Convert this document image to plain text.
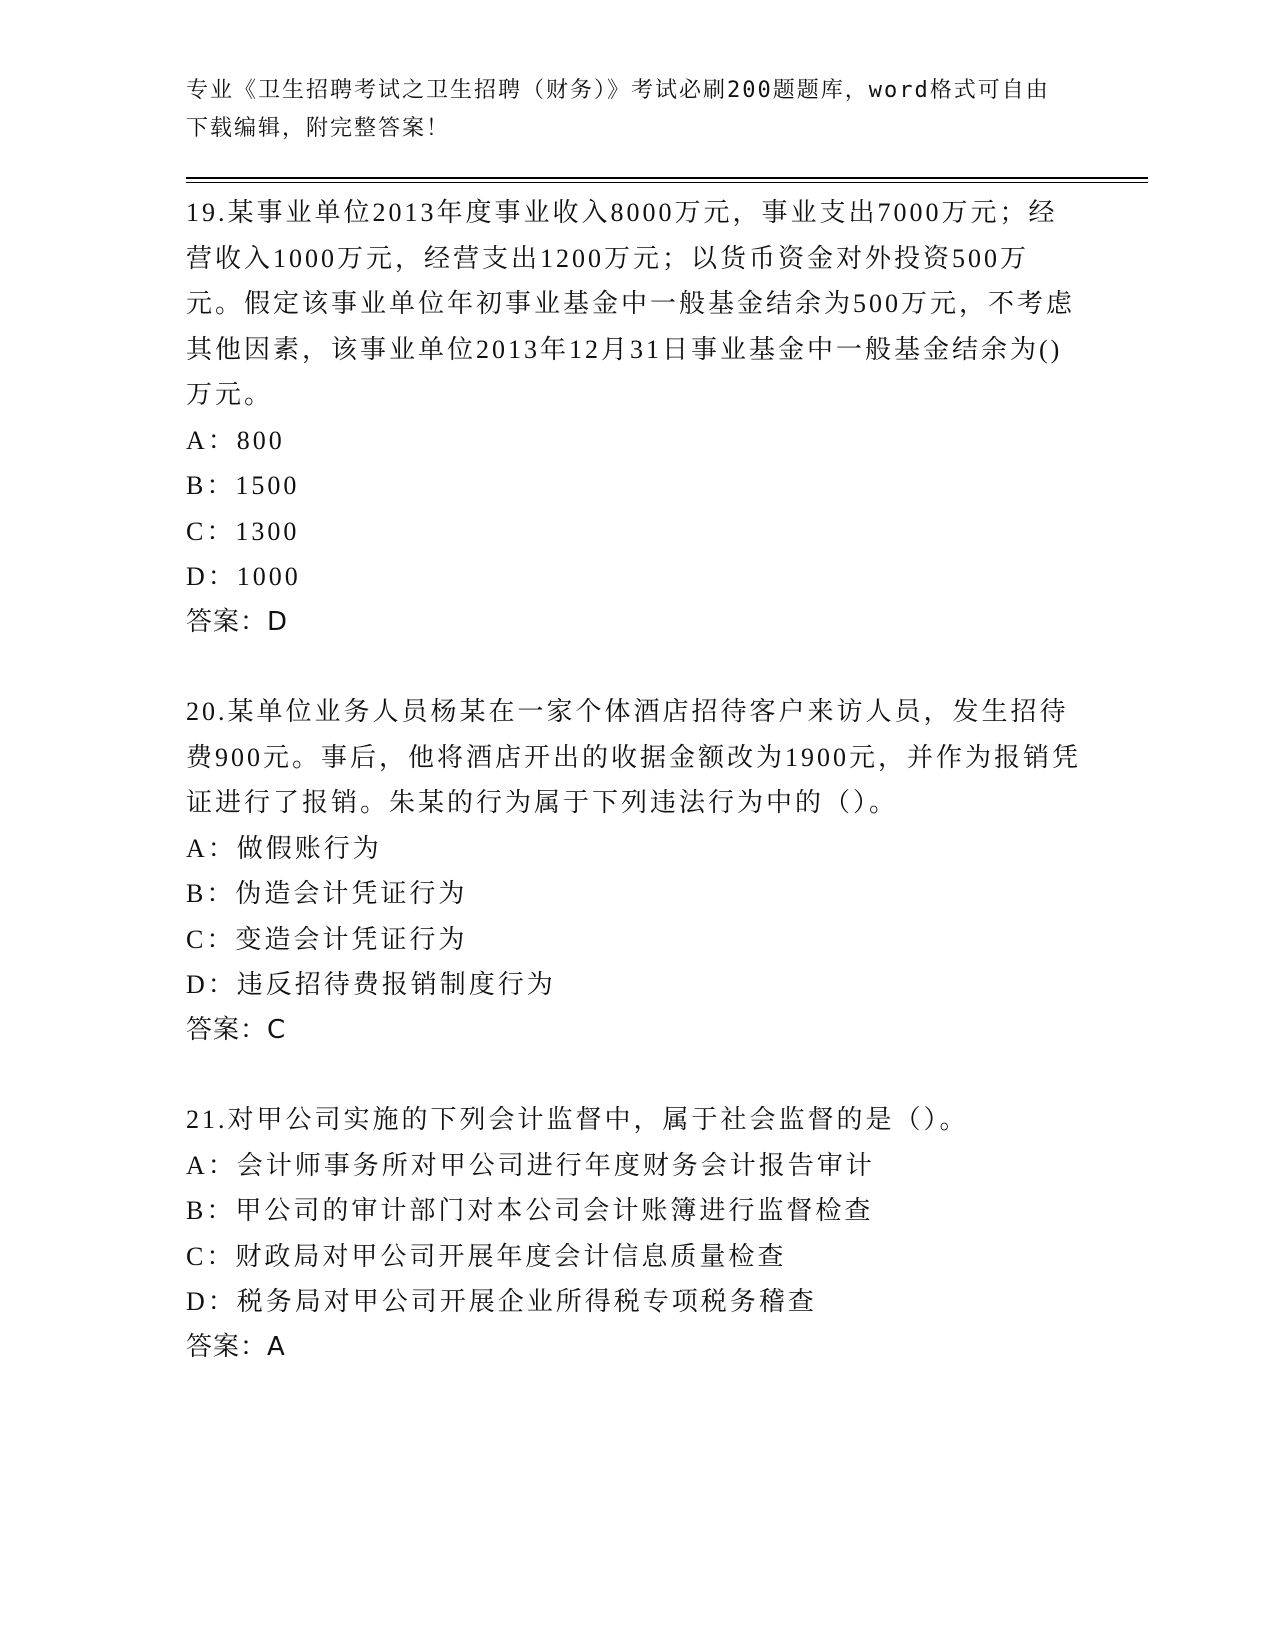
专业《卫生招聘考试之卫生招聘（财务）》考试必刷200题题库，word格式可自由下载编辑，附完整答案！
19.某事业单位2013年度事业收入8000万元，事业支出7000万元；经营收入1000万元，经营支出1200万元；以货币资金对外投资500万元。假定该事业单位年初事业基金中一般基金结余为500万元，不考虑其他因素，该事业单位2013年12月31日事业基金中一般基金结余为()万元。
A：800
B：1500
C：1300
D：1000
答案：D
20.某单位业务人员杨某在一家个体酒店招待客户来访人员，发生招待费900元。事后，他将酒店开出的收据金额改为1900元，并作为报销凭证进行了报销。朱某的行为属于下列违法行为中的（）。
A：做假账行为
B：伪造会计凭证行为
C：变造会计凭证行为
D：违反招待费报销制度行为
答案：C
21.对甲公司实施的下列会计监督中，属于社会监督的是（）。
A：会计师事务所对甲公司进行年度财务会计报告审计
B：甲公司的审计部门对本公司会计账簿进行监督检查
C：财政局对甲公司开展年度会计信息质量检查
D：税务局对甲公司开展企业所得税专项税务稽查
答案：A
